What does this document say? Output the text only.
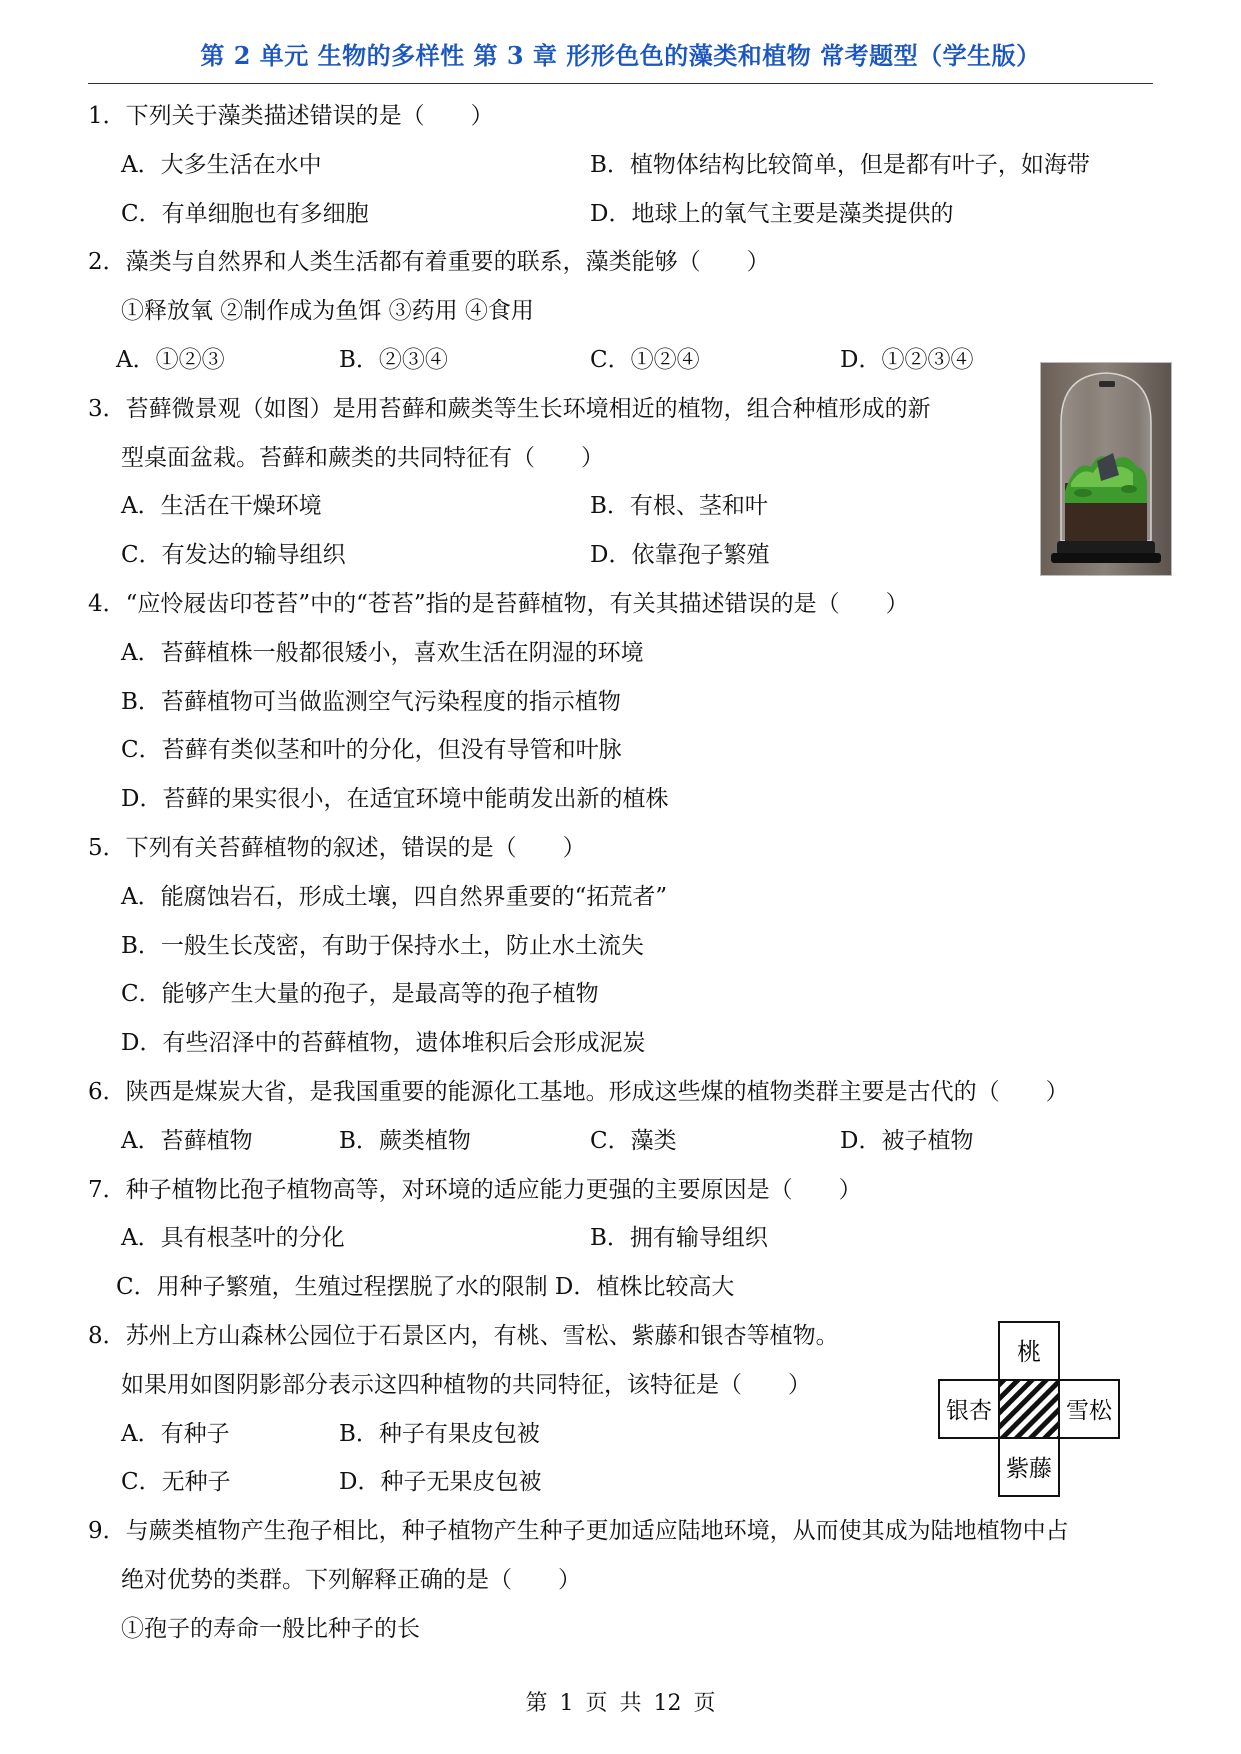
第 2 单元 生物的多样性 第 3 章 形形色色的藻类和植物 常考题型（学生版）
1．下列关于藻类描述错误的是（　　）
A．大多生活在水中	B．植物体结构比较简单，但是都有叶子，如海带
C．有单细胞也有多细胞	D．地球上的氧气主要是藻类提供的
2．藻类与自然界和人类生活都有着重要的联系，藻类能够（　　）
①释放氧 ②制作成为鱼饵 ③药用 ④食用
A．①②③	B．②③④	C．①②④	D．①②③④
3．苔藓微景观（如图）是用苔藓和蕨类等生长环境相近的植物，组合种植形成的新
型桌面盆栽。苔藓和蕨类的共同特征有（　　）
A．生活在干燥环境	B．有根、茎和叶
C．有发达的输导组织	D．依靠孢子繁殖
4．“应怜屐齿印苍苔”中的“苍苔”指的是苔藓植物，有关其描述错误的是（　　）
A．苔藓植株一般都很矮小，喜欢生活在阴湿的环境
B．苔藓植物可当做监测空气污染程度的指示植物
C．苔藓有类似茎和叶的分化，但没有导管和叶脉
D．苔藓的果实很小，在适宜环境中能萌发出新的植株
5．下列有关苔藓植物的叙述，错误的是（　　）
A．能腐蚀岩石，形成土壤，四自然界重要的“拓荒者”
B．一般生长茂密，有助于保持水土，防止水土流失
C．能够产生大量的孢子，是最高等的孢子植物
D．有些沼泽中的苔藓植物，遗体堆积后会形成泥炭
6．陕西是煤炭大省，是我国重要的能源化工基地。形成这些煤的植物类群主要是古代的（　　）
A．苔藓植物	B．蕨类植物	C．藻类	D．被子植物
7．种子植物比孢子植物高等，对环境的适应能力更强的主要原因是（　　）
A．具有根茎叶的分化	B．拥有输导组织
C．用种子繁殖，生殖过程摆脱了水的限制 D．植株比较高大
8．苏州上方山森林公园位于石景区内，有桃、雪松、紫藤和银杏等植物。
如果用如图阴影部分表示这四种植物的共同特征，该特征是（　　）
A．有种子	B．种子有果皮包被
C．无种子	D．种子无果皮包被
9．与蕨类植物产生孢子相比，种子植物产生种子更加适应陆地环境，从而使其成为陆地植物中占
绝对优势的类群。下列解释正确的是（　　）
①孢子的寿命一般比种子的长
桃
银杏	雪松
紫藤
第 1 页 共 12 页
